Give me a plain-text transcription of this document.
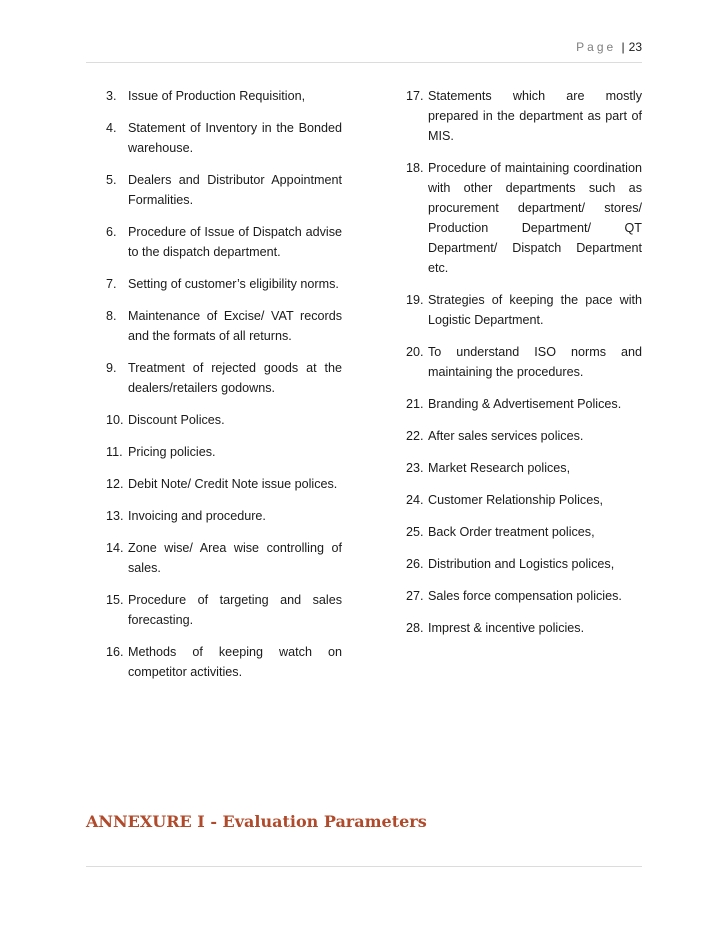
Page | 23
3. Issue of Production Requisition,
4. Statement of Inventory in the Bonded warehouse.
5. Dealers and Distributor Appointment Formalities.
6. Procedure of Issue of Dispatch advise to the dispatch department.
7. Setting of customer’s eligibility norms.
8. Maintenance of Excise/ VAT records and the formats of all returns.
9. Treatment of rejected goods at the dealers/retailers godowns.
10. Discount Polices.
11. Pricing policies.
12. Debit Note/ Credit Note issue polices.
13. Invoicing and procedure.
14. Zone wise/ Area wise controlling of sales.
15. Procedure of targeting and sales forecasting.
16. Methods of keeping watch on competitor activities.
17. Statements which are mostly prepared in the department as part of MIS.
18. Procedure of maintaining coordination with other departments such as procurement department/ stores/ Production Department/ QT Department/ Dispatch Department etc.
19. Strategies of keeping the pace with Logistic Department.
20. To understand ISO norms and maintaining the procedures.
21. Branding & Advertisement Polices.
22. After sales services polices.
23. Market Research polices,
24. Customer Relationship Polices,
25. Back Order treatment polices,
26. Distribution and Logistics polices,
27. Sales force compensation policies.
28. Imprest & incentive policies.
ANNEXURE I - Evaluation Parameters
